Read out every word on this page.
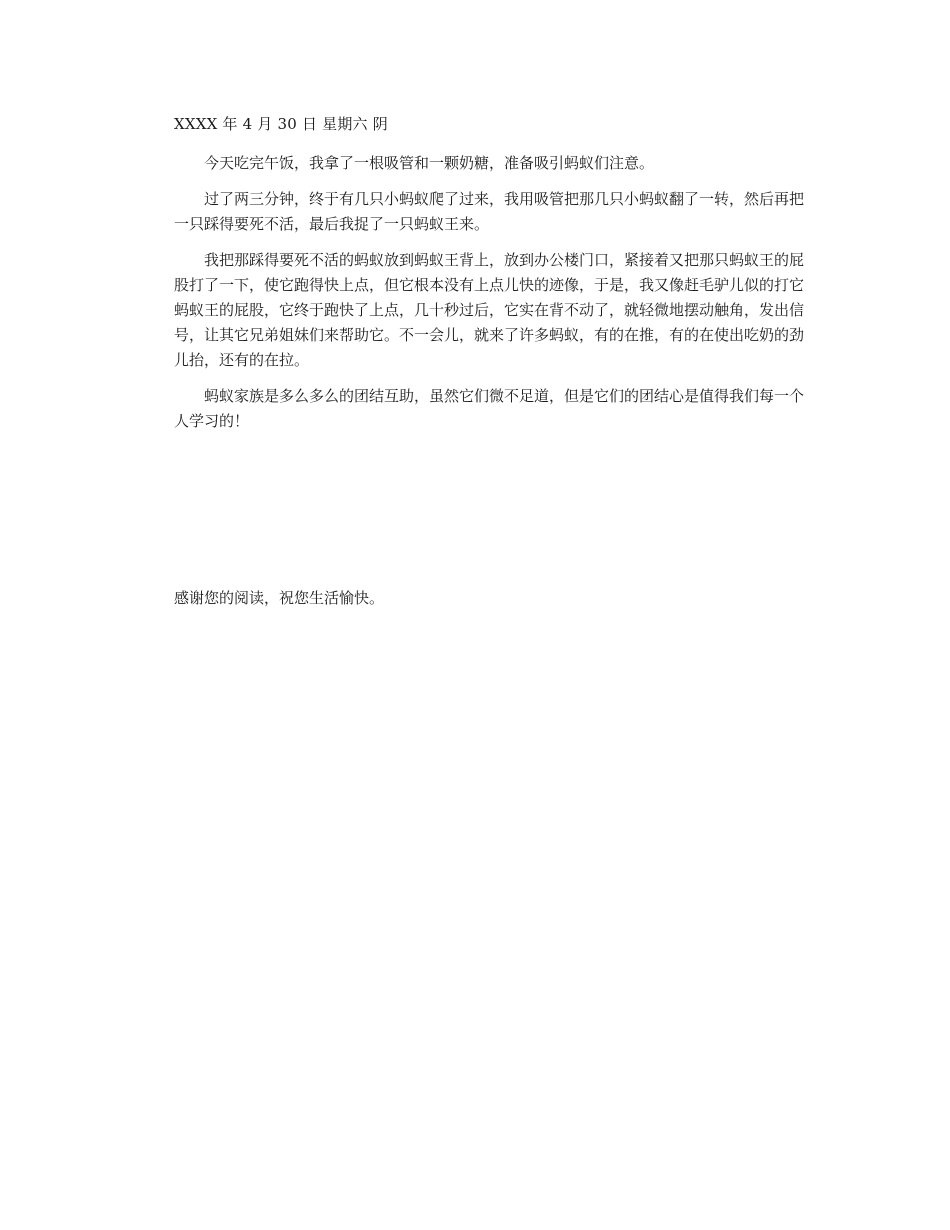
XXXX 年 4 月 30 日 星期六 阴

今天吃完午饭，我拿了一根吸管和一颗奶糖，准备吸引蚂蚁们注意。

过了两三分钟，终于有几只小蚂蚁爬了过来，我用吸管把那几只小蚂蚁翻了一转，然后再把一只踩得要死不活，最后我捉了一只蚂蚁王来。

我把那踩得要死不活的蚂蚁放到蚂蚁王背上，放到办公楼门口，紧接着又把那只蚂蚁王的屁股打了一下，使它跑得快上点，但它根本没有上点儿快的迹像，于是，我又像赶毛驴儿似的打它蚂蚁王的屁股，它终于跑快了上点，几十秒过后，它实在背不动了，就轻微地摆动触角，发出信号，让其它兄弟姐妹们来帮助它。不一会儿，就来了许多蚂蚁，有的在推，有的在使出吃奶的劲儿抬，还有的在拉。

蚂蚁家族是多么多么的团结互助，虽然它们微不足道，但是它们的团结心是值得我们每一个人学习的！

感谢您的阅读，祝您生活愉快。
